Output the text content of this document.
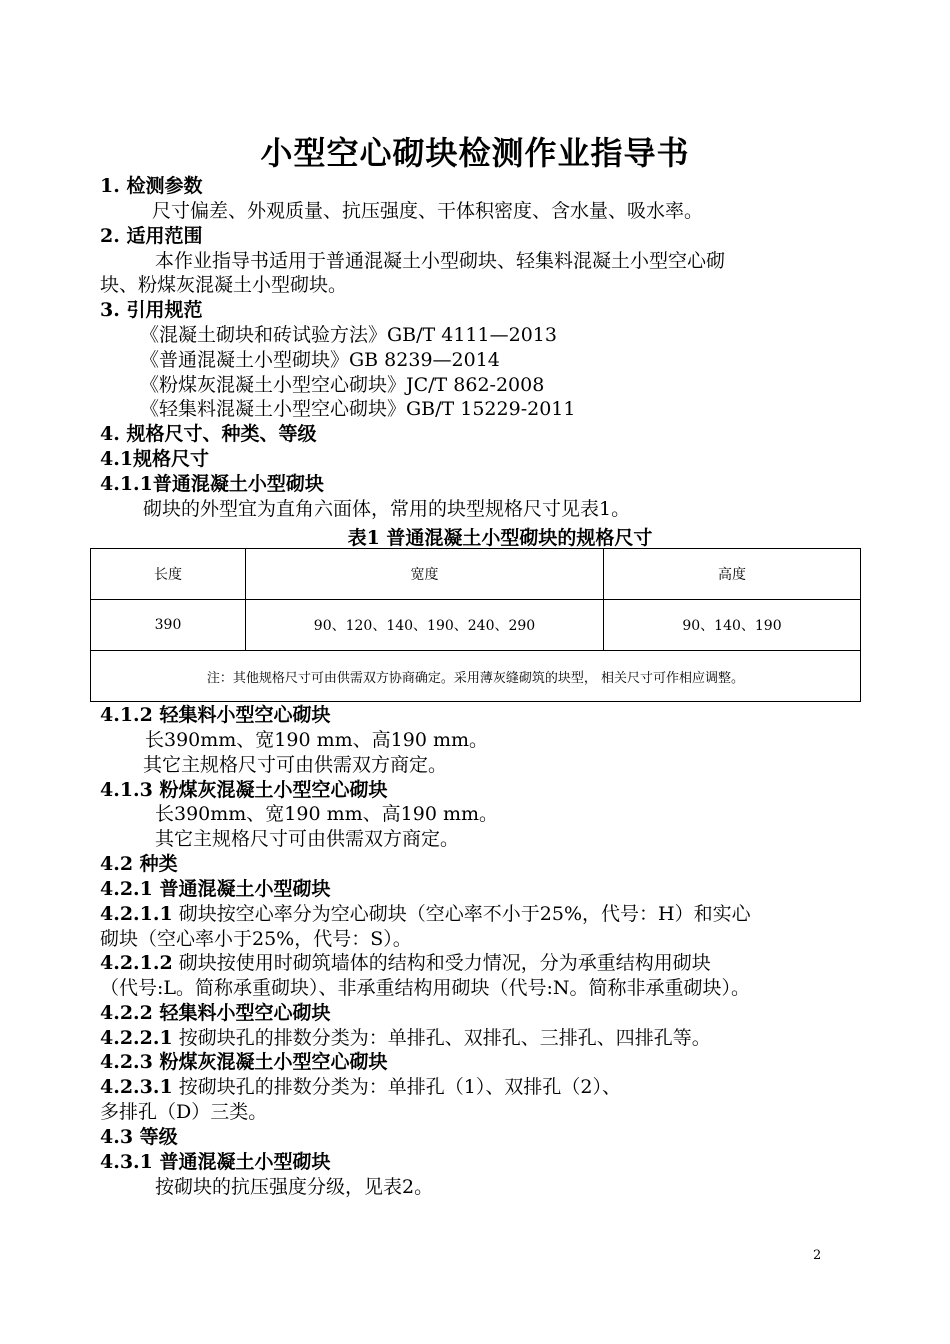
小型空心砌块检测作业指导书
1. 检测参数
尺寸偏差、外观质量、抗压强度、干体积密度、含水量、吸水率。
2. 适用范围
本作业指导书适用于普通混凝土小型砌块、轻集料混凝土小型空心砌
块、粉煤灰混凝土小型砌块。
3. 引用规范
《混凝土砌块和砖试验方法》GB/T 4111—2013
《普通混凝土小型砌块》GB 8239—2014
《粉煤灰混凝土小型空心砌块》JC/T 862-2008
《轻集料混凝土小型空心砌块》GB/T 15229-2011
4. 规格尺寸、种类、等级
4.1规格尺寸
4.1.1普通混凝土小型砌块
砌块的外型宜为直角六面体，常用的块型规格尺寸见表1。
表1 普通混凝土小型砌块的规格尺寸
长度	宽度	高度
390	90、120、140、190、240、290	90、140、190
注：其他规格尺寸可由供需双方协商确定。采用薄灰缝砌筑的块型， 相关尺寸可作相应调整。		
4.1.2 轻集料小型空心砌块
长390mm、宽190 mm、高190 mm。
其它主规格尺寸可由供需双方商定。
4.1.3 粉煤灰混凝土小型空心砌块
长390mm、宽190 mm、高190 mm。
其它主规格尺寸可由供需双方商定。
4.2 种类
4.2.1 普通混凝土小型砌块
4.2.1.1 砌块按空心率分为空心砌块（空心率不小于25%，代号：H）和实心
砌块（空心率小于25%，代号：S）。
4.2.1.2 砌块按使用时砌筑墙体的结构和受力情况，分为承重结构用砌块
（代号:L。简称承重砌块）、非承重结构用砌块（代号:N。简称非承重砌块）。
4.2.2 轻集料小型空心砌块
4.2.2.1 按砌块孔的排数分类为：单排孔、双排孔、三排孔、四排孔等。
4.2.3 粉煤灰混凝土小型空心砌块
4.2.3.1 按砌块孔的排数分类为：单排孔（1）、双排孔（2）、
多排孔（D）三类。
4.3 等级
4.3.1 普通混凝土小型砌块
按砌块的抗压强度分级，见表2。
2
